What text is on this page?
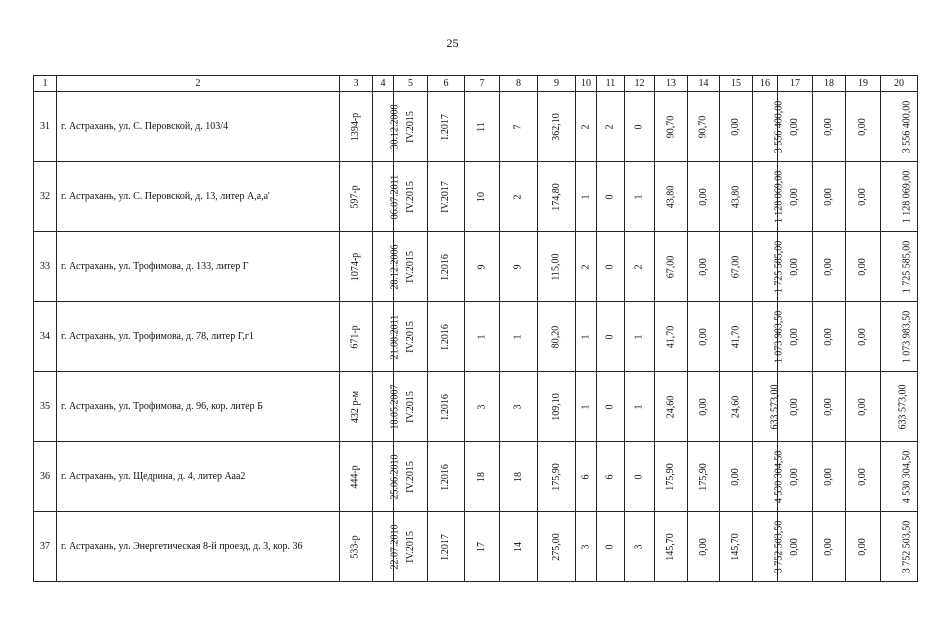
25
1	2	3	4	5	6	7	8	9	10	11	12	13	14	15	16	17	18	19	20
31	г. Астрахань, ул. С. Перовской, д. 103/4	1394-р	30.12.2008	IV.2015	I.2017	11	7	362,10	2	2	0	90,70	90,70	0,00	3 556 400,00	0,00	0,00	0,00	3 556 400,00
32	г. Астрахань, ул. С. Перовской, д. 13, литер А,а,а'	597-р	06.07.2011	IV.2015	IV.2017	10	2	174,80	1	0	1	43,80	0,00	43,80	1 128 069,00	0,00	0,00	0,00	1 128 069,00
33	г. Астрахань, ул. Трофимова, д. 133, литер Г	1074-р	28.12.2006	IV.2015	I.2016	9	9	115,00	2	0	2	67,00	0,00	67,00	1 725 585,00	0,00	0,00	0,00	1 725 585,00
34	г. Астрахань, ул. Трофимова, д. 78, литер Г,г1	671-р	21.08.2011	IV.2015	I.2016	1	1	80,20	1	0	1	41,70	0,00	41,70	1 073 983,50	0,00	0,00	0,00	1 073 983,50
35	г. Астрахань, ул. Трофимова, д. 96, кор. литер Б	432 р-м	18.05.2007	IV.2015	I.2016	3	3	109,10	1	0	1	24,60	0,00	24,60	633 573,00	0,00	0,00	0,00	633 573,00
36	г. Астрахань, ул. Щедрина, д. 4, литер Ааа2	444-р	25.06.2010	IV.2015	I.2016	18	18	175,90	6	6	0	175,90	175,90	0,00	4 530 304,50	0,00	0,00	0,00	4 530 304,50
37	г. Астрахань, ул. Энергетическая 8-й проезд, д. 3, кор. 36	533-р	22.07.2010	IV.2015	I.2017	17	14	275,00	3	0	3	145,70	0,00	145,70	3 752 503,50	0,00	0,00	0,00	3 752 503,50
